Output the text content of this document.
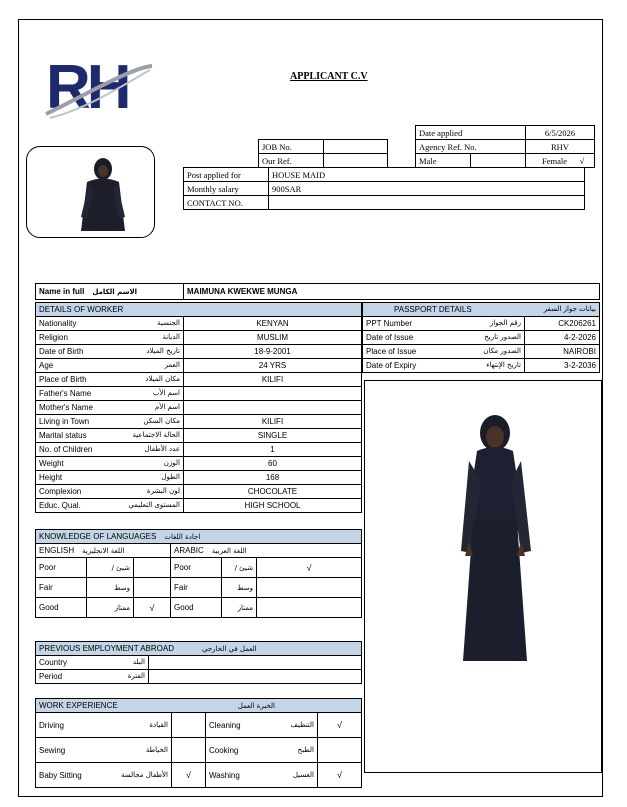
RH	APPLICANT C.V
JOB No.	
Our Ref.	
Date applied		6/5/2026	
Agency Ref. No.		RHV	
Male		Female	√
Post applied for	HOUSE MAID
Monthly salary	900SAR
CONTACT NO.	
Name in full الاسم الكامل	MAIMUNA KWEKWE MUNGA
DETAILS OF WORKER	
Nationality الجنسية	KENYAN
Religion الديانة	MUSLIM
Date of Birth تاريخ الميلاد	18-9-2001
Age العمر	24 YRS
Place of Birth مكان الميلاد	KILIFI
Father's Name اسم الأب	

Mother's Name اسم الأم	

Living in Town مكان السكن	KILIFI
Marital status الحالة الاجتماعية	SINGLE
No. of Children عدد الأطفال	1
Weight الوزن	60
Height الطول	168
Complexion لون البشرة	CHOCOLATE
Educ. Qual. المستوى التعليمي	HIGH SCHOOL
PASSPORT DETAILS بيانات جواز السفر	

PPT Number رقم الجواز	CK206261
Date of Issue الصدور تاريخ	4-2-2026
Place of Issue الصدور مكان	NAIROBI
Date of Expiry تاريخ الإنتهاء	3-2-2036
KNOWLEDGE OF LANGUAGES اجادة اللغات					
ENGLISH اللغة الانجليزية			ARABIC اللغة العربية		
Poor	شيئ /		Poor	شيئ /	√
Fair	وسط		Fair	وسط	
Good	ممتاز	√	Good	ممتاز	
PREVIOUS EMPLOYMENT ABROAD العمل في الخارجي	
Country البلد	

Period الفترة	

WORK EXPERIENCE الخبرة العمل			
Driving القيادة		Cleaning التنظيف	√
Sewing الخياطة		Cooking الطبخ	

Baby Sitting الأطفال مجالسة	√	Washing الغسيل	√
